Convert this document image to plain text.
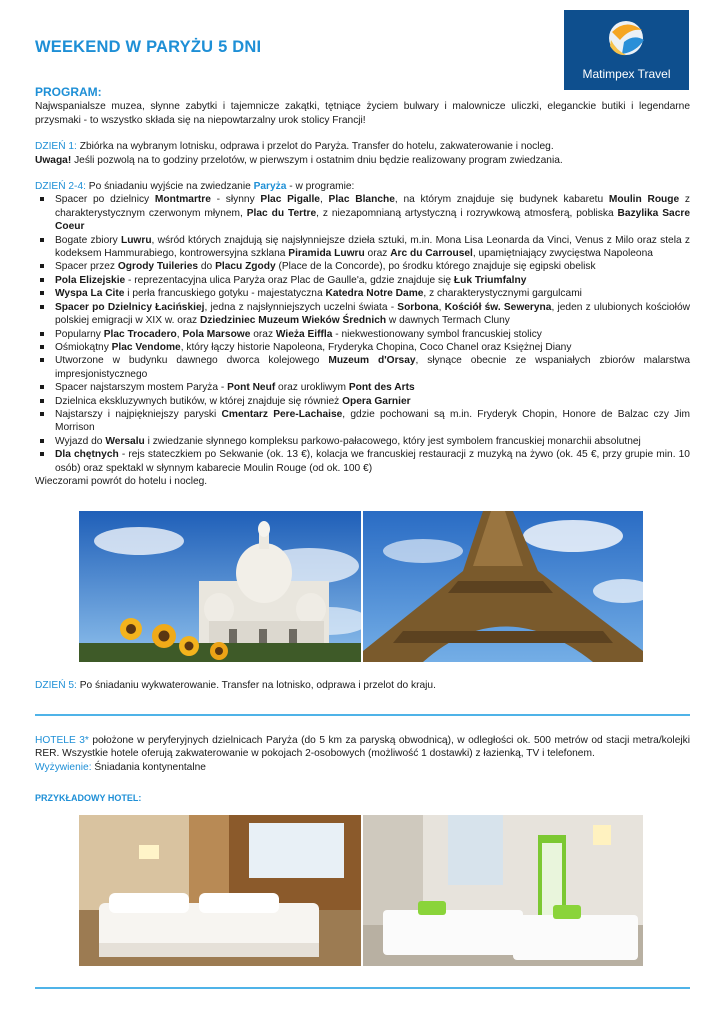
WEEKEND W PARYŻU 5 DNI
Matimpex Travel
PROGRAM:

Najwspanialsze muzea, słynne zabytki i tajemnicze zakątki, tętniące życiem bulwary i malownicze uliczki, eleganckie butiki i legendarne przysmaki - to wszystko składa się na niepowtarzalny urok stolicy Francji!

DZIEŃ 1: Zbiórka na wybranym lotnisku, odprawa i przelot do Paryża. Transfer do hotelu, zakwaterowanie i nocleg.

Uwaga! Jeśli pozwolą na to godziny przelotów, w pierwszym i ostatnim dniu będzie realizowany program zwiedzania.

DZIEŃ 2-4: Po śniadaniu wyjście na zwiedzanie Paryża - w programie:

Spacer po dzielnicy Montmartre - słynny Plac Pigalle, Plac Blanche, na którym znajduje się budynek kabaretu Moulin Rouge z charakterystycznym czerwonym młynem, Plac du Tertre, z niezapomnianą artystyczną i rozrywkową atmosferą, pobliska Bazylika Sacre Coeur
Bogate zbiory Luwru, wśród których znajdują się najsłynniejsze dzieła sztuki, m.in. Mona Lisa Leonarda da Vinci, Venus z Milo oraz stela z kodeksem Hammurabiego, kontrowersyjna szklana Piramida Luwru oraz Arc du Carrousel, upamiętniający zwycięstwa Napoleona
Spacer przez Ogrody Tuileries do Placu Zgody (Place de la Concorde), po środku którego znajduje się egipski obelisk
Pola Elizejskie - reprezentacyjna ulica Paryża oraz Plac de Gaulle'a, gdzie znajduje się Łuk Triumfalny
Wyspa La Cite i perła francuskiego gotyku - majestatyczna Katedra Notre Dame, z charakterystycznymi gargulcami
Spacer po Dzielnicy Łacińskiej, jedna z najsłynniejszych uczelni świata - Sorbona, Kościół św. Seweryna, jeden z ulubionych kościołów polskiej emigracji w XIX w. oraz Dziedziniec Muzeum Wieków Średnich w dawnych Termach Cluny
Popularny Plac Trocadero, Pola Marsowe oraz Wieża Eiffla - niekwestionowany symbol francuskiej stolicy
Ośmiokątny Plac Vendome, który łączy historie Napoleona, Fryderyka Chopina, Coco Chanel oraz Księżnej Diany
Utworzone w budynku dawnego dworca kolejowego Muzeum d'Orsay, słynące obecnie ze wspaniałych zbiorów malarstwa impresjonistycznego
Spacer najstarszym mostem Paryża - Pont Neuf oraz urokliwym Pont des Arts
Dzielnica ekskluzywnych butików, w której znajduje się również Opera Garnier
Najstarszy i najpiękniejszy paryski Cmentarz Pere-Lachaise, gdzie pochowani są m.in. Fryderyk Chopin, Honore de Balzac czy Jim Morrison
Wyjazd do Wersalu i zwiedzanie słynnego kompleksu parkowo-pałacowego, który jest symbolem francuskiej monarchii absolutnej
Dla chętnych - rejs stateczkiem po Sekwanie (ok. 13 €), kolacja we francuskiej restauracji z muzyką na żywo (ok. 45 €, przy grupie min. 10 osób) oraz spektakl w słynnym kabarecie Moulin Rouge (od ok. 100 €)

Wieczorami powrót do hotelu i nocleg.

DZIEŃ 5: Po śniadaniu wykwaterowanie. Transfer na lotnisko, odprawa i przelot do kraju.

HOTELE 3* położone w peryferyjnych dzielnicach Paryża (do 5 km za paryską obwodnicą), w odległości ok. 500 metrów od stacji metra/kolejki RER. Wszystkie hotele oferują zakwaterowanie w pokojach 2-osobowych (możliwość 1 dostawki) z łazienką, TV i telefonem.

Wyżywienie: Śniadania kontynentalne

PRZYKŁADOWY HOTEL:
